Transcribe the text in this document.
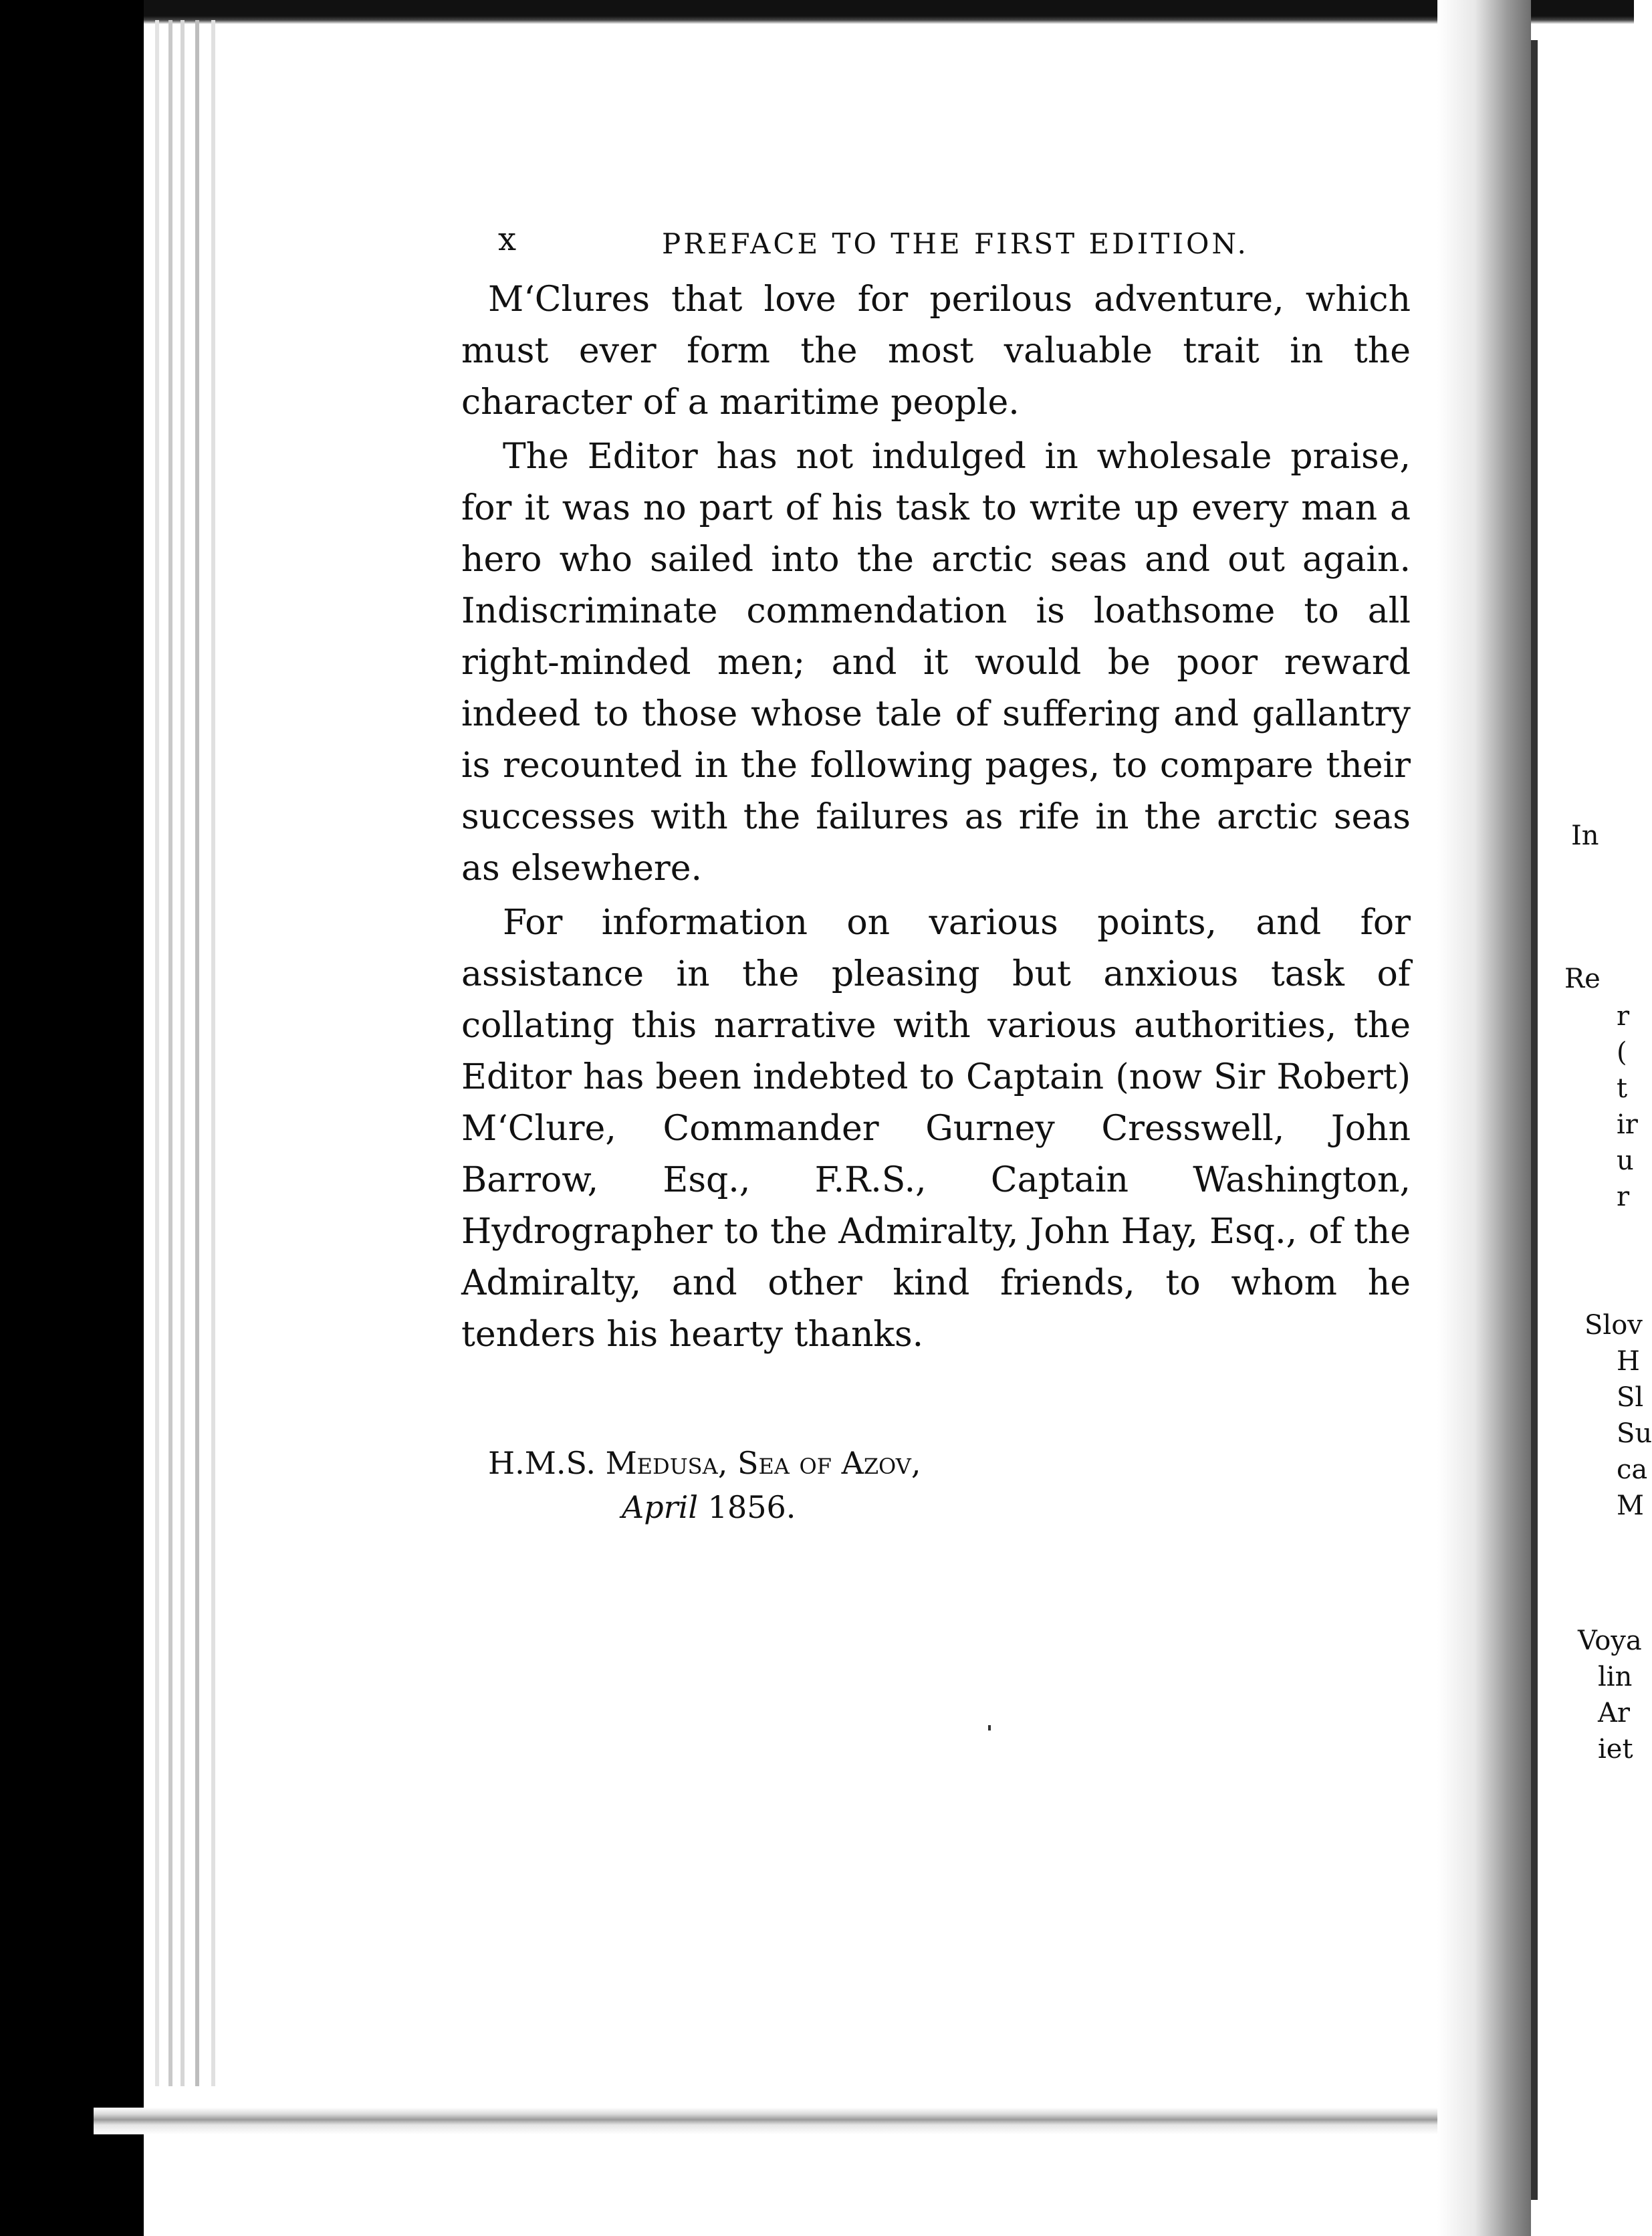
In
Re
r
(
t
ir
u
r
Slov
H
Sl
Su
ca
M
Voya
lin
Ar
iet
x	PREFACE TO THE FIRST EDITION.

M‘Clures that love for perilous adventure, which must ever form the most valuable trait in the character of a maritime people.

The Editor has not indulged in wholesale praise, for it was no part of his task to write up every man a hero who sailed into the arctic seas and out again. Indiscriminate commendation is loathsome to all right-minded men; and it would be poor reward indeed to those whose tale of suffering and gallantry is recounted in the following pages, to compare their successes with the failures as rife in the arctic seas as elsewhere.

For information on various points, and for assistance in the pleasing but anxious task of collating this narrative with various authorities, the Editor has been indebted to Captain (now Sir Robert) M‘Clure, Commander Gurney Cresswell, John Barrow, Esq., F.R.S., Captain Washington, Hydrographer to the Admiralty, John Hay, Esq., of the Admiralty, and other kind friends, to whom he tenders his hearty thanks.

H.M.S. Medusa, Sea of Azov,
April 1856.
